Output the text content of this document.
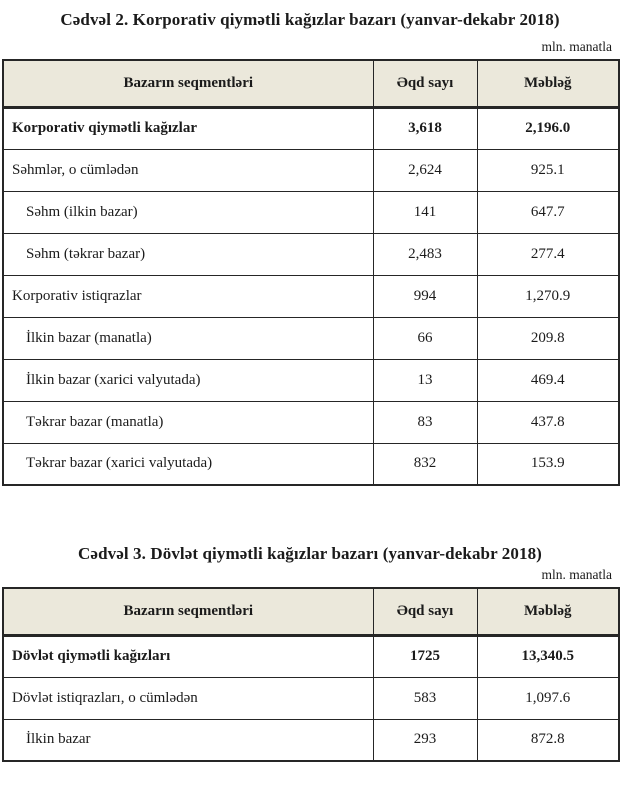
Cədvəl 2. Korporativ qiymətli kağızlar bazarı (yanvar-dekabr 2018)
mln. manatla
Bazarın seqmentləri	Əqd sayı	Məbləğ
Korporativ qiymətli kağızlar	3,618	2,196.0
Səhmlər, o cümlədən	2,624	925.1
Səhm (ilkin bazar)	141	647.7
Səhm (təkrar bazar)	2,483	277.4
Korporativ istiqrazlar	994	1,270.9
İlkin bazar (manatla)	66	209.8
İlkin bazar (xarici valyutada)	13	469.4
Təkrar bazar (manatla)	83	437.8
Təkrar bazar (xarici valyutada)	832	153.9
Cədvəl 3. Dövlət qiymətli kağızlar bazarı (yanvar-dekabr 2018)
mln. manatla
Bazarın seqmentləri	Əqd sayı	Məbləğ
Dövlət qiymətli kağızları	1725	13,340.5
Dövlət istiqrazları, o cümlədən	583	1,097.6
İlkin bazar	293	872.8
